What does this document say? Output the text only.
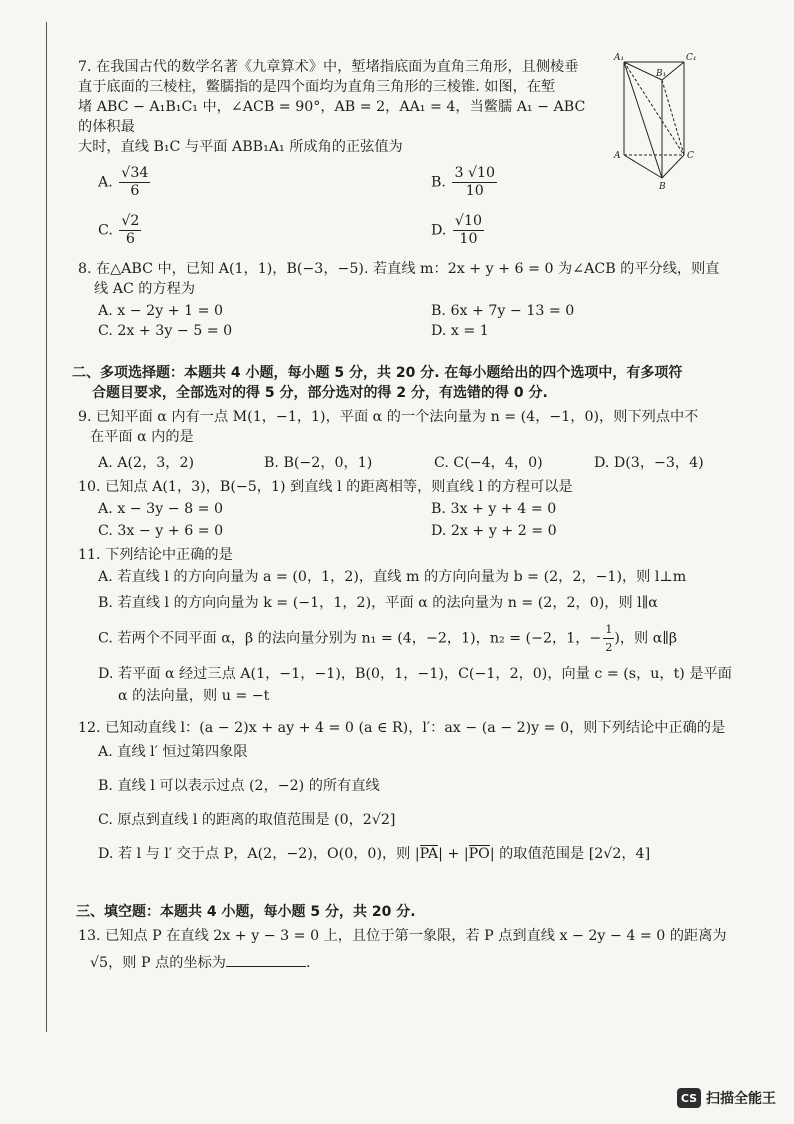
A₁	C₁
B₁
A	C
B

7. 在我国古代的数学名著《九章算术》中，堑堵指底面为直角三角形，且侧棱垂

直于底面的三棱柱，鳖臑指的是四个面均为直角三角形的三棱锥. 如图，在堑

堵 ABC − A₁B₁C₁ 中，∠ACB = 90°，AB = 2，AA₁ = 4，当鳖臑 A₁ − ABC 的体积最

大时，直线 B₁C 与平面 ABB₁A₁ 所成角的正弦值为

A. $\frac{√34}{6}$	B. $\frac{3 √10}{10}$
C. $\frac{√2}{6}$	D. $\frac{√10}{10}$

8. 在△ABC 中，已知 A(1，1)，B(−3，−5). 若直线 m：2x + y + 6 = 0 为∠ACB 的平分线，则直

线 AC 的方程为

A. x − 2y + 1 = 0	B. 6x + 7y − 13 = 0
C. 2x + 3y − 5 = 0	D. x = 1

二、多项选择题：本题共 4 小题，每小题 5 分，共 20 分. 在每小题给出的四个选项中，有多项符

合题目要求，全部选对的得 5 分，部分选对的得 2 分，有选错的得 0 分.

9. 已知平面 α 内有一点 M(1，−1，1)，平面 α 的一个法向量为 n = (4，−1，0)，则下列点中不

在平面 α 内的是

A. A(2，3，2)	B. B(−2，0，1)	C. C(−4，4，0)	D. D(3，−3，4)

10. 已知点 A(1，3)，B(−5，1) 到直线 l 的距离相等，则直线 l 的方程可以是

A. x − 3y − 8 = 0	B. 3x + y + 4 = 0
C. 3x − y + 6 = 0	D. 2x + y + 2 = 0

11. 下列结论中正确的是

A. 若直线 l 的方向向量为 a = (0，1，2)，直线 m 的方向向量为 b = (2，2，−1)，则 l⊥m

B. 若直线 l 的方向向量为 k = (−1，1，2)，平面 α 的法向量为 n = (2，2，0)，则 l∥α

C. 若两个不同平面 α，β 的法向量分别为 n₁ = (4，−2，1)，n₂ = (−2，1，− $\frac{1}{2}$ )，则 α∥β

D. 若平面 α 经过三点 A(1，−1，−1)，B(0，1，−1)，C(−1，2，0)，向量 c = (s，u，t) 是平面

α 的法向量，则 u = −t

12. 已知动直线 l：(a − 2)x + ay + 4 = 0 (a ∈ R)，l′：ax − (a − 2)y = 0，则下列结论中正确的是

A. 直线 l′ 恒过第四象限

B. 直线 l 可以表示过点 (2，−2) 的所有直线

C. 原点到直线 l 的距离的取值范围是 (0，2√2]

D. 若 l 与 l′ 交于点 P，A(2，−2)，O(0，0)，则 |PA| + |PO| 的取值范围是 [2√2，4]

三、填空题：本题共 4 小题，每小题 5 分，共 20 分.

13. 已知点 P 在直线 2x + y − 3 = 0 上，且位于第一象限，若 P 点到直线 x − 2y − 4 = 0 的距离为

√5，则 P 点的坐标为	.

CS 扫描全能王
